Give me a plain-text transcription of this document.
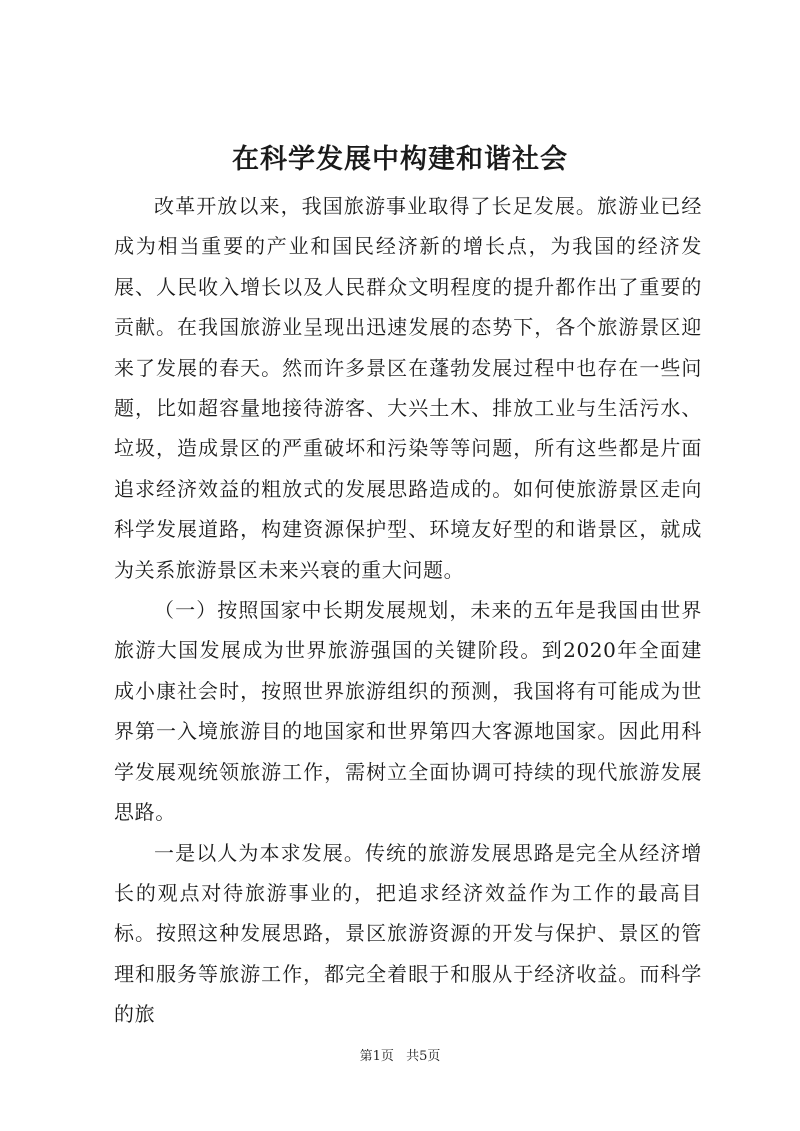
在科学发展中构建和谐社会

改革开放以来，我国旅游事业取得了长足发展。旅游业已经成为相当重要的产业和国民经济新的增长点，为我国的经济发展、人民收入增长以及人民群众文明程度的提升都作出了重要的贡献。在我国旅游业呈现出迅速发展的态势下，各个旅游景区迎来了发展的春天。然而许多景区在蓬勃发展过程中也存在一些问题，比如超容量地接待游客、大兴土木、排放工业与生活污水、垃圾，造成景区的严重破坏和污染等等问题，所有这些都是片面追求经济效益的粗放式的发展思路造成的。如何使旅游景区走向科学发展道路，构建资源保护型、环境友好型的和谐景区，就成为关系旅游景区未来兴衰的重大问题。

（一）按照国家中长期发展规划，未来的五年是我国由世界旅游大国发展成为世界旅游强国的关键阶段。到2020年全面建成小康社会时，按照世界旅游组织的预测，我国将有可能成为世界第一入境旅游目的地国家和世界第四大客源地国家。因此用科学发展观统领旅游工作，需树立全面协调可持续的现代旅游发展思路。

一是以人为本求发展。传统的旅游发展思路是完全从经济增长的观点对待旅游事业的，把追求经济效益作为工作的最高目标。按照这种发展思路，景区旅游资源的开发与保护、景区的管理和服务等旅游工作，都完全着眼于和服从于经济收益。而科学的旅

第1页 共5页
